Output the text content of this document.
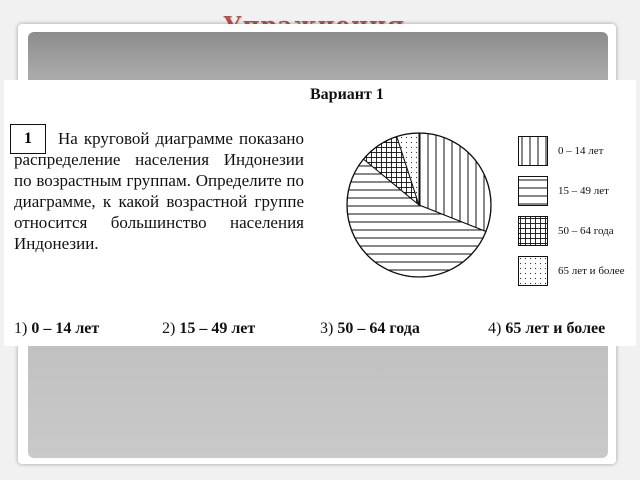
Вариант 1
На круговой диаграмме показано распределение населения Индонезии по возрастным группам. Определите по диаграмме, к какой возрастной группе относится большинство населения Индонезии.
1
0 – 14 лет
15 – 49 лет
50 – 64 года
65 лет и более
1) 0 – 14 лет	2) 15 – 49 лет	3) 50 – 64 года	4) 65 лет и более
